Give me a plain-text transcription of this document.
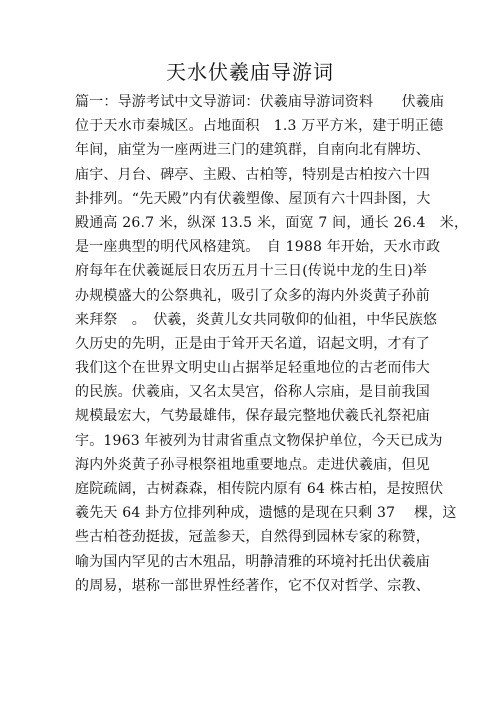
天水伏羲庙导游词
篇一：导游考试中文导游词：伏羲庙导游词资料　　伏羲庙
位于天水市秦城区。占地面积　1.3 万平方米，建于明正德
年间，庙堂为一座两进三门的建筑群，自南向北有牌坊、
庙宇、月台、碑亭、主殿、古柏等，特别是古柏按六十四
卦排列。“先天殿”内有伏羲塑像、屋顶有六十四卦图，大
殿通高 26.7 米，纵深 13.5 米，面宽 7 间，通长 26.4　米，
是一座典型的明代风格建筑。　自 1988 年开始，天水市政
府每年在伏羲诞辰日农历五月十三日(传说中龙的生日)举
办规模盛大的公祭典礼，吸引了众多的海内外炎黄子孙前
来拜祭　。　伏羲，炎黄儿女共同敬仰的仙祖，中华民族悠
久历史的先明，正是由于耸开天名道，诏起文明，才有了
我们这个在世界文明史山占据举足轻重地位的古老而伟大
的民族。伏羲庙，又名太昊宫，俗称人宗庙，是目前我国
规模最宏大，气势最雄伟，保存最完整地伏羲氏礼祭祀庙
宇。1963 年被列为甘肃省重点文物保护单位，今天已成为
海内外炎黄子孙寻根祭祖地重要地点。走进伏羲庙，但见
庭院疏阔，古树森森，相传院内原有 64 株古柏，是按照伏
羲先天 64 卦方位排列种成，遗憾的是现在只剩 37　 棵，这
些古柏苍劲挺拔，冠盖参天，自然得到园林专家的称赞，
喻为国内罕见的古木殂品，明静清雅的环境衬托出伏羲庙
的周易，堪称一部世界性经著作，它不仅对哲学、宗教、
